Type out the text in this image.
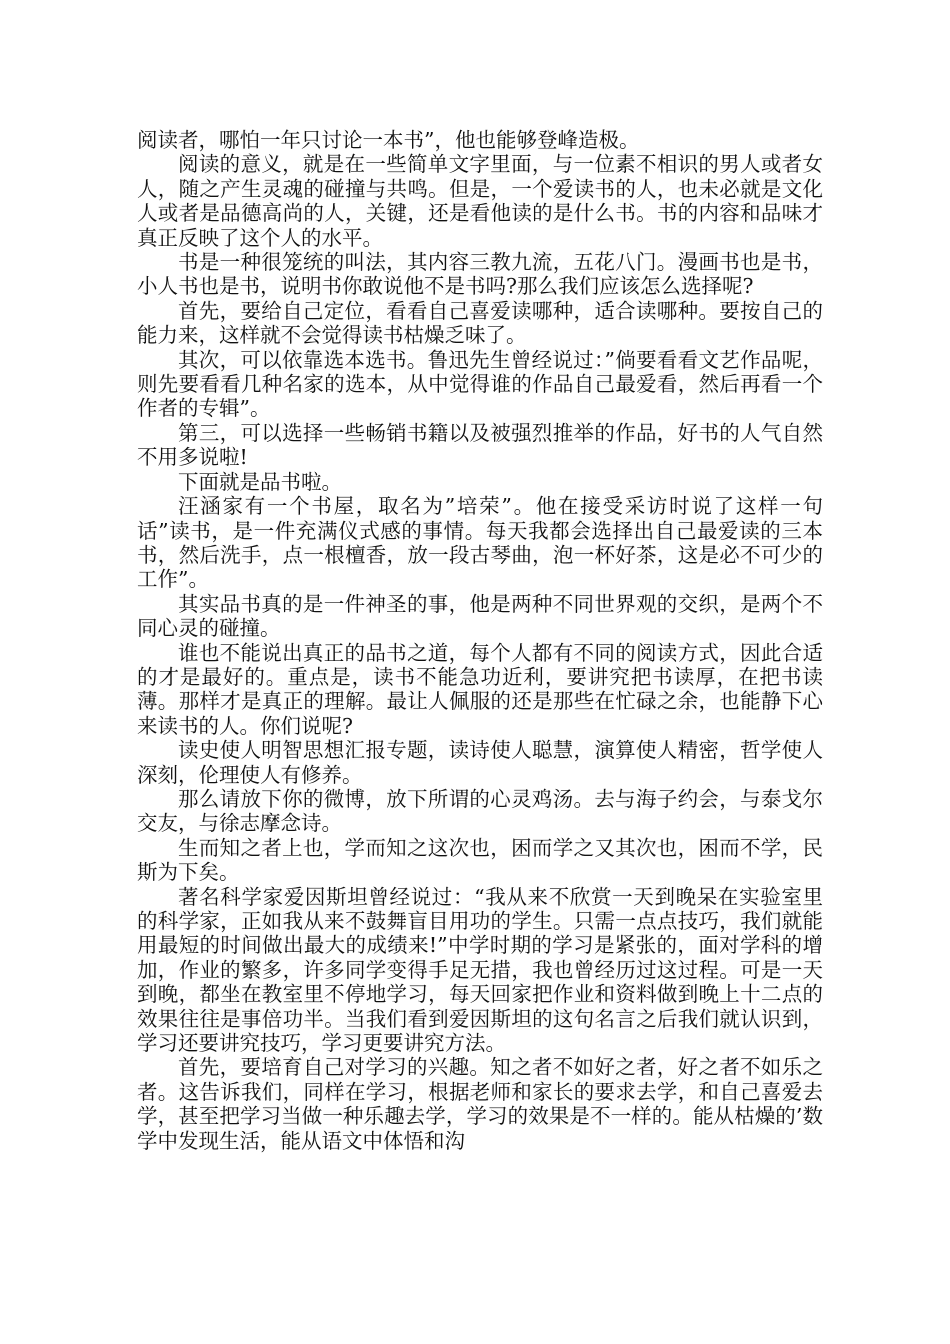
阅读者，哪怕一年只讨论一本书”，他也能够登峰造极。

阅读的意义，就是在一些简单文字里面，与一位素不相识的男人或者女人，随之产生灵魂的碰撞与共鸣。但是，一个爱读书的人，也未必就是文化人或者是品德高尚的人，关键，还是看他读的是什么书。书的内容和品味才真正反映了这个人的水平。

书是一种很笼统的叫法，其内容三教九流，五花八门。漫画书也是书，小人书也是书，说明书你敢说他不是书吗?那么我们应该怎么选择呢?

首先，要给自己定位，看看自己喜爱读哪种，适合读哪种。要按自己的能力来，这样就不会觉得读书枯燥乏味了。

其次，可以依靠选本选书。鲁迅先生曾经说过：”倘要看看文艺作品呢，则先要看看几种名家的选本，从中觉得谁的作品自己最爱看，然后再看一个作者的专辑”。

第三，可以选择一些畅销书籍以及被强烈推举的作品，好书的人气自然不用多说啦!

下面就是品书啦。

汪涵家有一个书屋，取名为”培荣”。他在接受采访时说了这样一句话”读书，是一件充满仪式感的事情。每天我都会选择出自己最爱读的三本书，然后洗手，点一根檀香，放一段古琴曲，泡一杯好茶，这是必不可少的工作”。

其实品书真的是一件神圣的事，他是两种不同世界观的交织，是两个不同心灵的碰撞。

谁也不能说出真正的品书之道，每个人都有不同的阅读方式，因此合适的才是最好的。重点是，读书不能急功近利，要讲究把书读厚，在把书读薄。那样才是真正的理解。最让人佩服的还是那些在忙碌之余，也能静下心来读书的人。你们说呢?

读史使人明智思想汇报专题，读诗使人聪慧，演算使人精密，哲学使人深刻，伦理使人有修养。

那么请放下你的微博，放下所谓的心灵鸡汤。去与海子约会，与泰戈尔交友，与徐志摩念诗。

生而知之者上也，学而知之这次也，困而学之又其次也，困而不学，民斯为下矣。

著名科学家爱因斯坦曾经说过：“我从来不欣赏一天到晚呆在实验室里的科学家，正如我从来不鼓舞盲目用功的学生。只需一点点技巧，我们就能用最短的时间做出最大的成绩来!”中学时期的学习是紧张的，面对学科的增加，作业的繁多，许多同学变得手足无措，我也曾经历过这过程。可是一天到晚，都坐在教室里不停地学习，每天回家把作业和资料做到晚上十二点的效果往往是事倍功半。当我们看到爱因斯坦的这句名言之后我们就认识到，学习还要讲究技巧，学习更要讲究方法。

首先，要培育自己对学习的兴趣。知之者不如好之者，好之者不如乐之者。这告诉我们，同样在学习，根据老师和家长的要求去学，和自己喜爱去学，甚至把学习当做一种乐趣去学，学习的效果是不一样的。能从枯燥的’数学中发现生活，能从语文中体悟和沟
